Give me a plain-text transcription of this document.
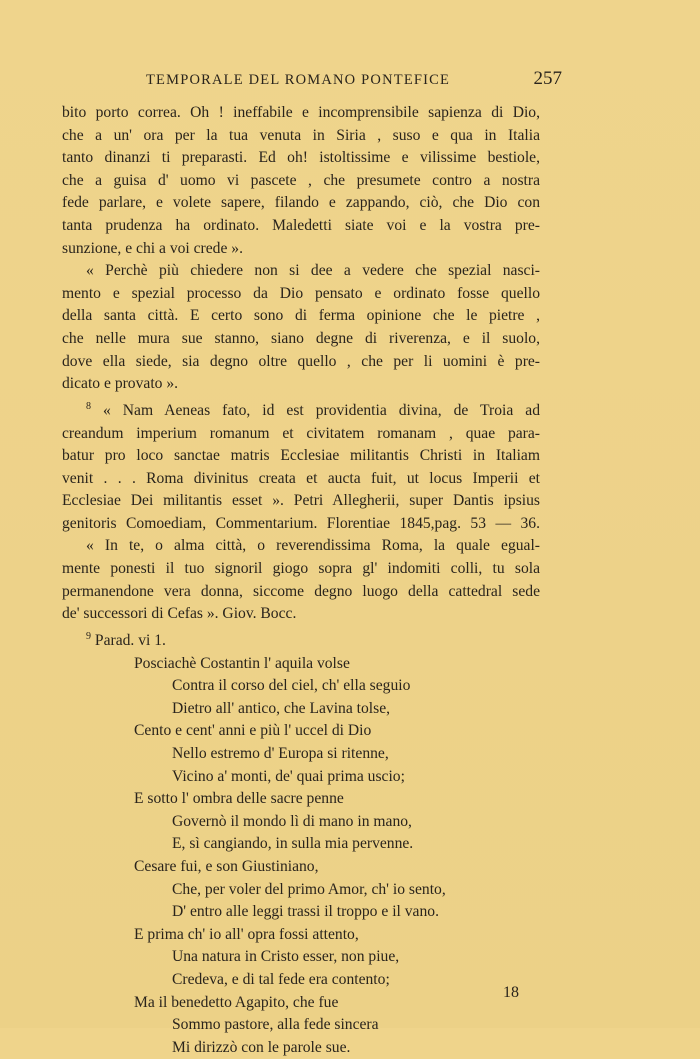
TEMPORALE DEL ROMANO PONTEFICE	257
bito porto correa. Oh ! ineffabile e incomprensibile sapienza di Dio,
che a un' ora per la tua venuta in Siria , suso e qua in Italia
tanto dinanzi ti preparasti. Ed oh! istoltissime e vilissime bestiole,
che a guisa d' uomo vi pascete , che presumete contro a nostra
fede parlare, e volete sapere, filando e zappando, ciò, che Dio con
tanta prudenza ha ordinato. Maledetti siate voi e la vostra pre-
sunzione, e chi a voi crede ».
« Perchè più chiedere non si dee a vedere che spezial nasci-
mento e spezial processo da Dio pensato e ordinato fosse quello
della santa città. E certo sono di ferma opinione che le pietre ,
che nelle mura sue stanno, siano degne di riverenza, e il suolo,
dove ella siede, sia degno oltre quello , che per li uomini è pre-
dicato e provato ».
$^8$ « Nam Aeneas fato, id est providentia divina, de Troia ad
creandum imperium romanum et civitatem romanam , quae para-
batur pro loco sanctae matris Ecclesiae militantis Christi in Italiam
venit . . . Roma divinitus creata et aucta fuit, ut locus Imperii et
Ecclesiae Dei militantis esset ». Petri Allegherii, super Dantis ipsius
genitoris Comoediam, Commentarium. Florentiae 1845,pag. 53 — 36.
« In te, o alma città, o reverendissima Roma, la quale egual-
mente ponesti il tuo signoril giogo sopra gl' indomiti colli, tu sola
permanendone vera donna, siccome degno luogo della cattedral sede
de' successori di Cefas ». Giov. Bocc.
$^9$ Parad. vi 1.
Posciachè Costantin l' aquila volse
Contra il corso del ciel, ch' ella seguio
Dietro all' antico, che Lavina tolse,
Cento e cent' anni e più l' uccel di Dio
Nello estremo d' Europa si ritenne,
Vicino a' monti, de' quai prima uscio;
E sotto l' ombra delle sacre penne
Governò il mondo lì di mano in mano,
E, sì cangiando, in sulla mia pervenne.
Cesare fui, e son Giustiniano,
Che, per voler del primo Amor, ch' io sento,
D' entro alle leggi trassi il troppo e il vano.
E prima ch' io all' opra fossi attento,
Una natura in Cristo esser, non piue,
Credeva, e di tal fede era contento;
Ma il benedetto Agapito, che fue
Sommo pastore, alla fede sincera
Mi dirizzò con le parole sue.
18
